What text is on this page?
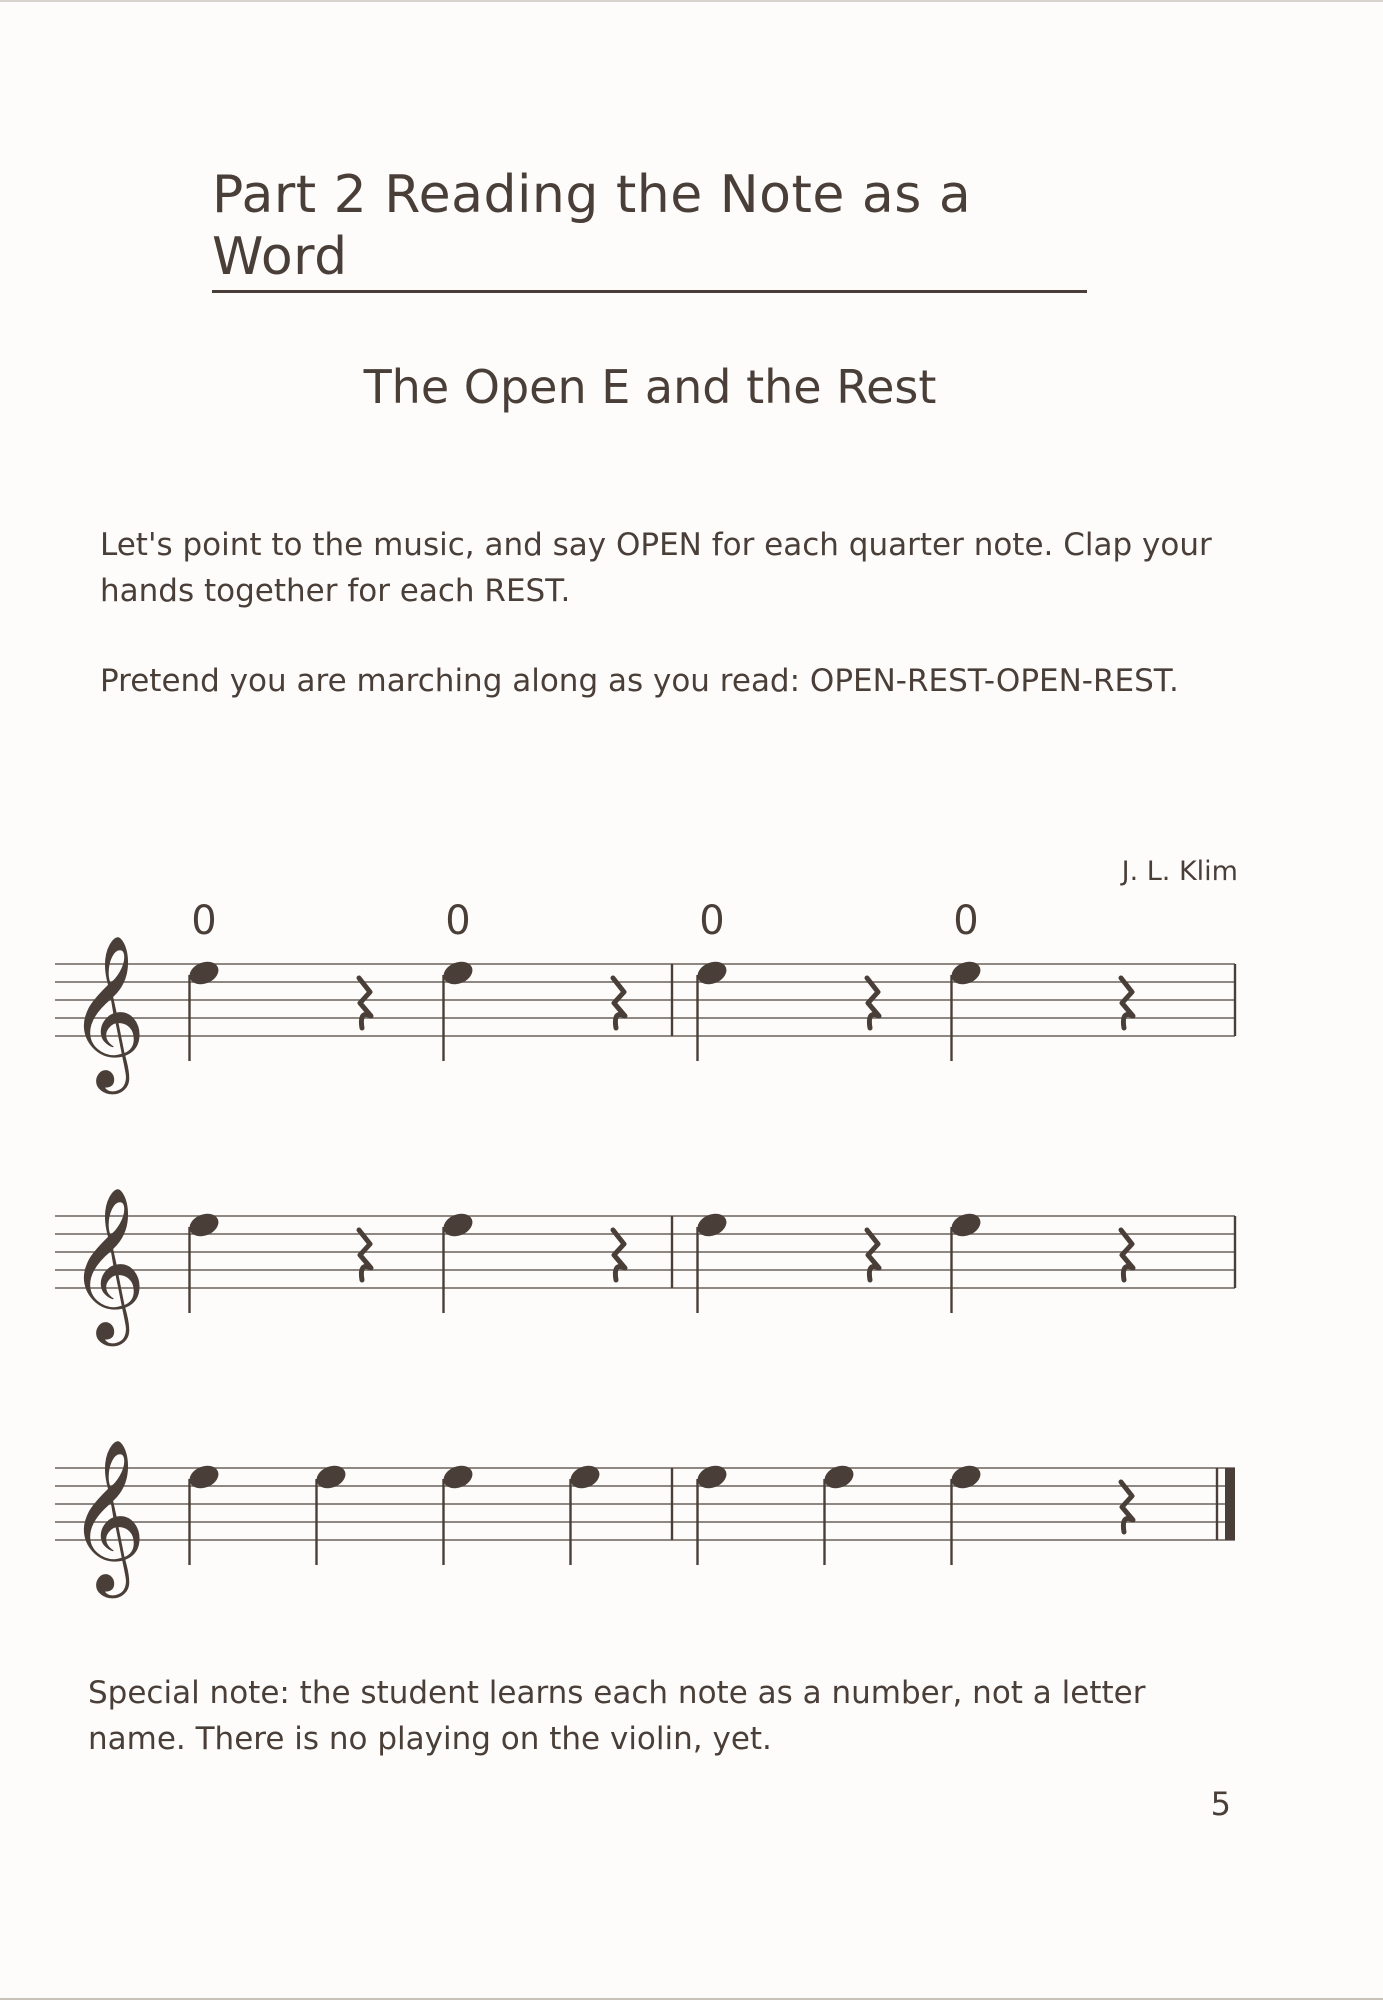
Part 2 Reading the Note as a Word
The Open E and the Rest

Let's point to the music, and say OPEN for each quarter note. Clap your hands together for each REST.

Pretend you are marching along as you read: OPEN-REST-OPEN-REST.

J. L. Klim
𝄞
0	0	0	0
𝄞
𝄞

Special note: the student learns each note as a number, not a letter name. There is no playing on the violin, yet.

5
